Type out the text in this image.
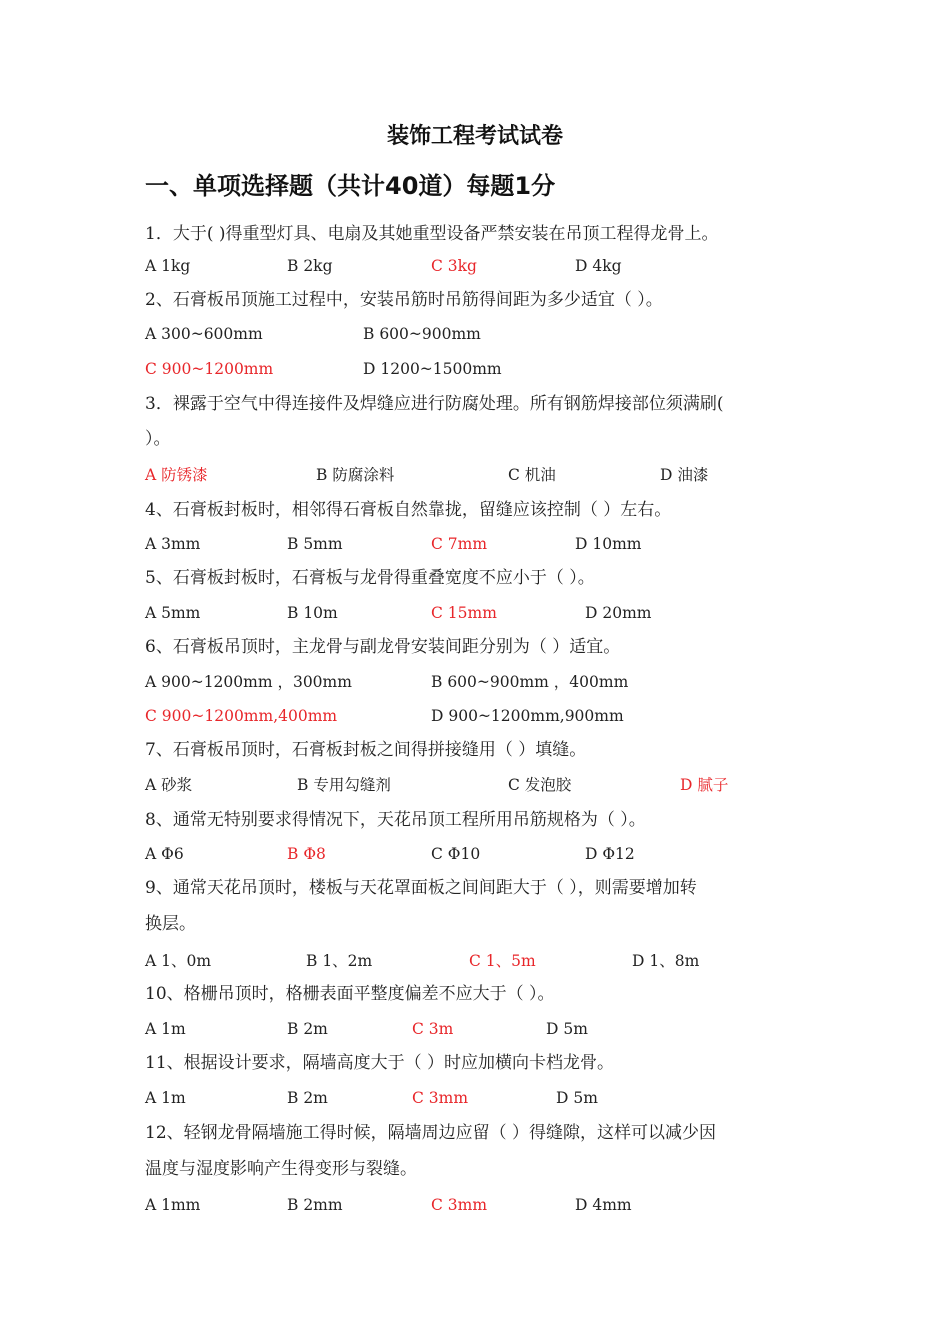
装饰工程考试试卷
一、单项选择题（共计40道）每题1分
1．大于( )得重型灯具、电扇及其她重型设备严禁安装在吊顶工程得龙骨上。
A 1kg	B 2kg	C 3kg	D 4kg
2、石膏板吊顶施工过程中，安装吊筋时吊筋得间距为多少适宜（ ）。
A 300~600mm	B 600~900mm
C 900~1200mm	D 1200~1500mm
3．裸露于空气中得连接件及焊缝应进行防腐处理。所有钢筋焊接部位须满刷(
）。
A 防锈漆	B 防腐涂料	C 机油	D 油漆
4、石膏板封板时，相邻得石膏板自然靠拢，留缝应该控制（ ）左右。
A 3mm	B 5mm	C 7mm	D 10mm
5、石膏板封板时，石膏板与龙骨得重叠宽度不应小于（ ）。
A 5mm	B 10m	C 15mm	D 20mm
6、石膏板吊顶时，主龙骨与副龙骨安装间距分别为（ ）适宜。
A 900~1200mm ，300mm	B 600~900mm ，400mm
C 900~1200mm,400mm	D 900~1200mm,900mm
7、石膏板吊顶时，石膏板封板之间得拼接缝用（ ）填缝。
A 砂浆	B 专用勾缝剂	C 发泡胶	D 腻子
8、通常无特别要求得情况下，天花吊顶工程所用吊筋规格为（ ）。
A Φ6	B Φ8	C Φ10	D Φ12
9、通常天花吊顶时，楼板与天花罩面板之间间距大于（ ），则需要增加转
换层。
A 1、0m	B 1、2m	C 1、5m	D 1、8m
10、格栅吊顶时，格栅表面平整度偏差不应大于（ ）。
A 1m	B 2m	C 3m	D 5m
11、根据设计要求，隔墙高度大于（ ）时应加横向卡档龙骨。
A 1m	B 2m	C 3mm	D 5m
12、轻钢龙骨隔墙施工得时候，隔墙周边应留（ ）得缝隙，这样可以减少因
温度与湿度影响产生得变形与裂缝。
A 1mm	B 2mm	C 3mm	D 4mm
